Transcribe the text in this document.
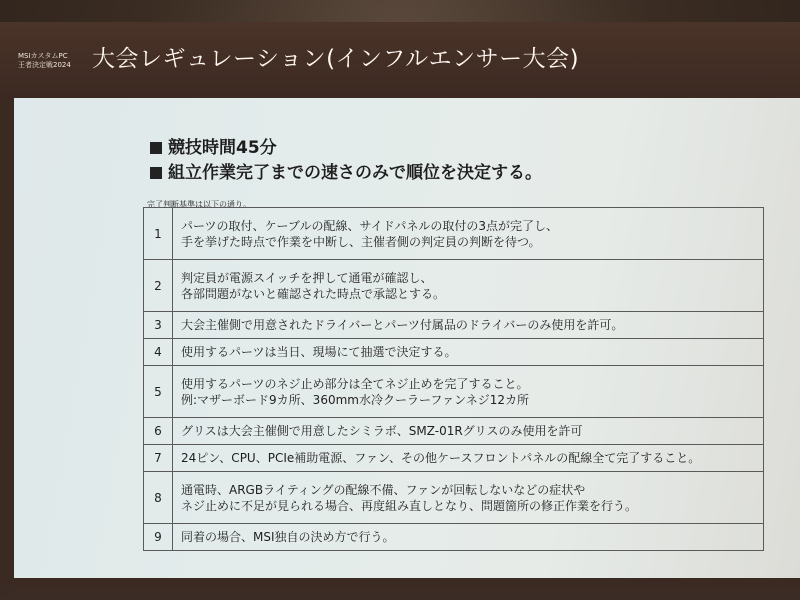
MSIカスタムPC
王者決定戦2024 大会レギュレーション(インフルエンサー大会)
競技時間45分
組立作業完了までの速さのみで順位を決定する。
完了判断基準は以下の通り。
1	パーツの取付、ケーブルの配線、サイドパネルの取付の3点が完了し、
手を挙げた時点で作業を中断し、主催者側の判定員の判断を待つ。

2	判定員が電源スイッチを押して通電が確認し、
各部問題がないと確認された時点で承認とする。

3	大会主催側で用意されたドライバーとパーツ付属品のドライバーのみ使用を許可。

4	使用するパーツは当日、現場にて抽選で決定する。

5	使用するパーツのネジ止め部分は全てネジ止めを完了すること。
例:マザーボード9カ所、360mm水冷クーラーファンネジ12カ所

6	グリスは大会主催側で用意したシミラボ、SMZ-01Rグリスのみ使用を許可

7	24ピン、CPU、PCIe補助電源、ファン、その他ケースフロントパネルの配線全て完了すること。

8	通電時、ARGBライティングの配線不備、ファンが回転しないなどの症状や
ネジ止めに不足が見られる場合、再度組み直しとなり、問題箇所の修正作業を行う。

9	同着の場合、MSI独自の決め方で行う。
